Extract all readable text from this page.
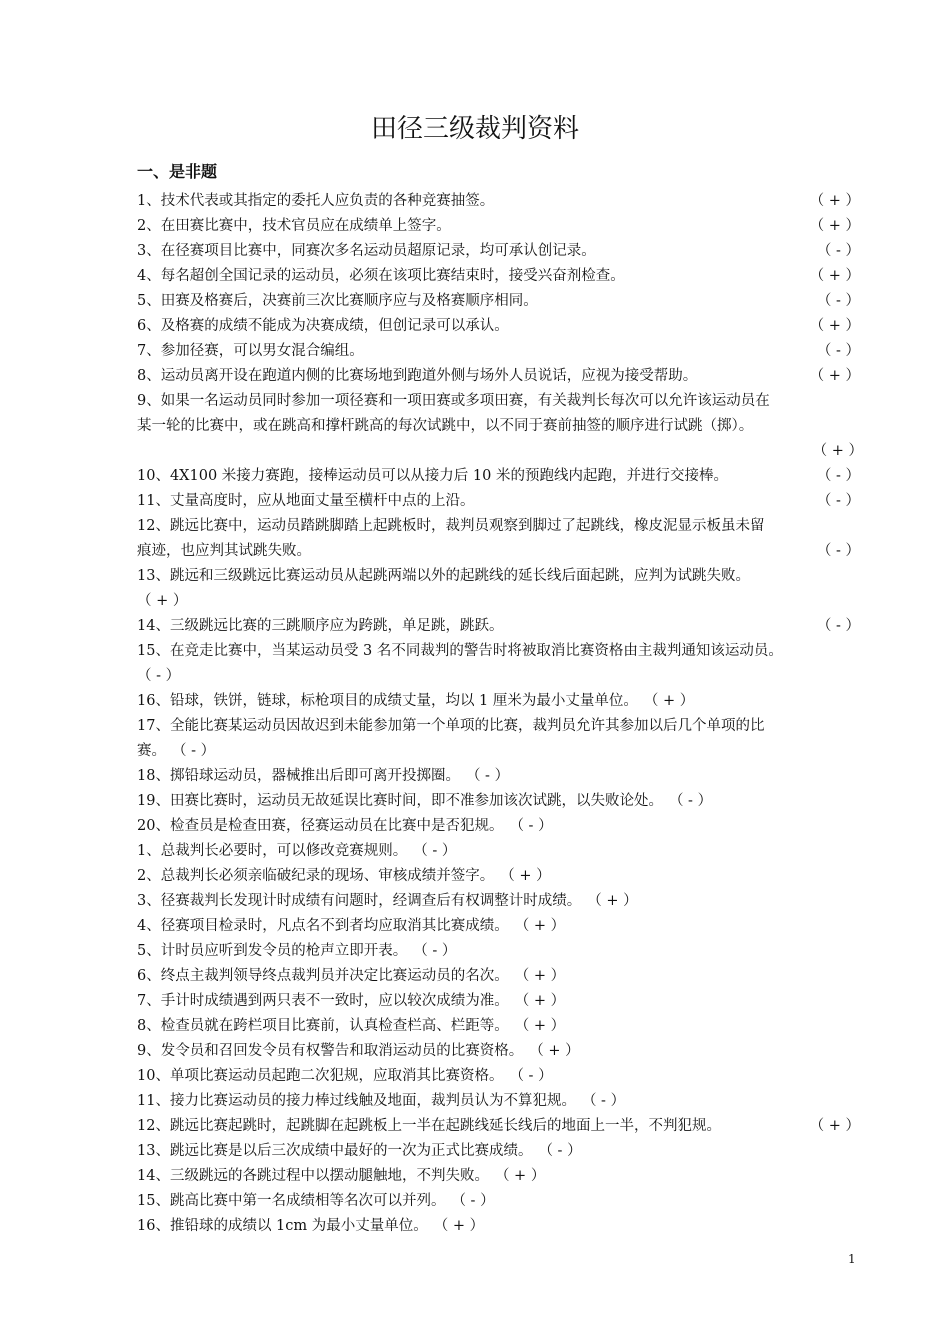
田径三级裁判资料
一、是非题
1、技术代表或其指定的委托人应负责的各种竞赛抽签。	（ + ）
2、在田赛比赛中，技术官员应在成绩单上签字。	（ + ）
3、在径赛项目比赛中，同赛次多名运动员超原记录，均可承认创记录。	（ - ）
4、每名超创全国记录的运动员，必须在该项比赛结束时，接受兴奋剂检查。	（ + ）
5、田赛及格赛后，决赛前三次比赛顺序应与及格赛顺序相同。	（ - ）
6、及格赛的成绩不能成为决赛成绩，但创记录可以承认。	（ + ）
7、参加径赛，可以男女混合编组。	（ - ）
8、运动员离开设在跑道内侧的比赛场地到跑道外侧与场外人员说话，应视为接受帮助。	（ + ）
9、如果一名运动员同时参加一项径赛和一项田赛或多项田赛，有关裁判长每次可以允许该运动员在
某一轮的比赛中，或在跳高和撑杆跳高的每次试跳中，以不同于赛前抽签的顺序进行试跳（掷）。
（ + ）
10、4X100 米接力赛跑，接棒运动员可以从接力后 10 米的预跑线内起跑，并进行交接棒。	（ - ）
11、丈量高度时，应从地面丈量至横杆中点的上沿。	（ - ）
12、跳远比赛中，运动员踏跳脚踏上起跳板时，裁判员观察到脚过了起跳线，橡皮泥显示板虽未留
痕迹，也应判其试跳失败。	（ - ）
13、跳远和三级跳远比赛运动员从起跳两端以外的起跳线的延长线后面起跳，应判为试跳失败。
（ + ）
14、三级跳远比赛的三跳顺序应为跨跳，单足跳，跳跃。	（ - ）
15、在竞走比赛中，当某运动员受 3 名不同裁判的警告时将被取消比赛资格由主裁判通知该运动员。
（ - ）
16、铅球，铁饼，链球，标枪项目的成绩丈量，均以 1 厘米为最小丈量单位。 （ + ）
17、全能比赛某运动员因故迟到未能参加第一个单项的比赛，裁判员允许其参加以后几个单项的比
赛。 （ - ）
18、掷铅球运动员，器械推出后即可离开投掷圈。 （ - ）
19、田赛比赛时，运动员无故延误比赛时间，即不准参加该次试跳，以失败论处。 （ - ）
20、检查员是检查田赛，径赛运动员在比赛中是否犯规。 （ - ）
1、总裁判长必要时，可以修改竞赛规则。 （ - ）
2、总裁判长必须亲临破纪录的现场、审核成绩并签字。 （ + ）
3、径赛裁判长发现计时成绩有问题时，经调查后有权调整计时成绩。 （ + ）
4、径赛项目检录时，凡点名不到者均应取消其比赛成绩。 （ + ）
5、计时员应听到发令员的枪声立即开表。 （ - ）
6、终点主裁判领导终点裁判员并决定比赛运动员的名次。 （ + ）
7、手计时成绩遇到两只表不一致时，应以较次成绩为准。 （ + ）
8、检查员就在跨栏项目比赛前，认真检查栏高、栏距等。 （ + ）
9、发令员和召回发令员有权警告和取消运动员的比赛资格。 （ + ）
10、单项比赛运动员起跑二次犯规，应取消其比赛资格。 （ - ）
11、接力比赛运动员的接力棒过线触及地面，裁判员认为不算犯规。 （ - ）
12、跳远比赛起跳时，起跳脚在起跳板上一半在起跳线延长线后的地面上一半，不判犯规。	（ + ）
13、跳远比赛是以后三次成绩中最好的一次为正式比赛成绩。 （ - ）
14、三级跳远的各跳过程中以摆动腿触地，不判失败。 （ + ）
15、跳高比赛中第一名成绩相等名次可以并列。 （ - ）
16、推铅球的成绩以 1cm 为最小丈量单位。 （ + ）
1
